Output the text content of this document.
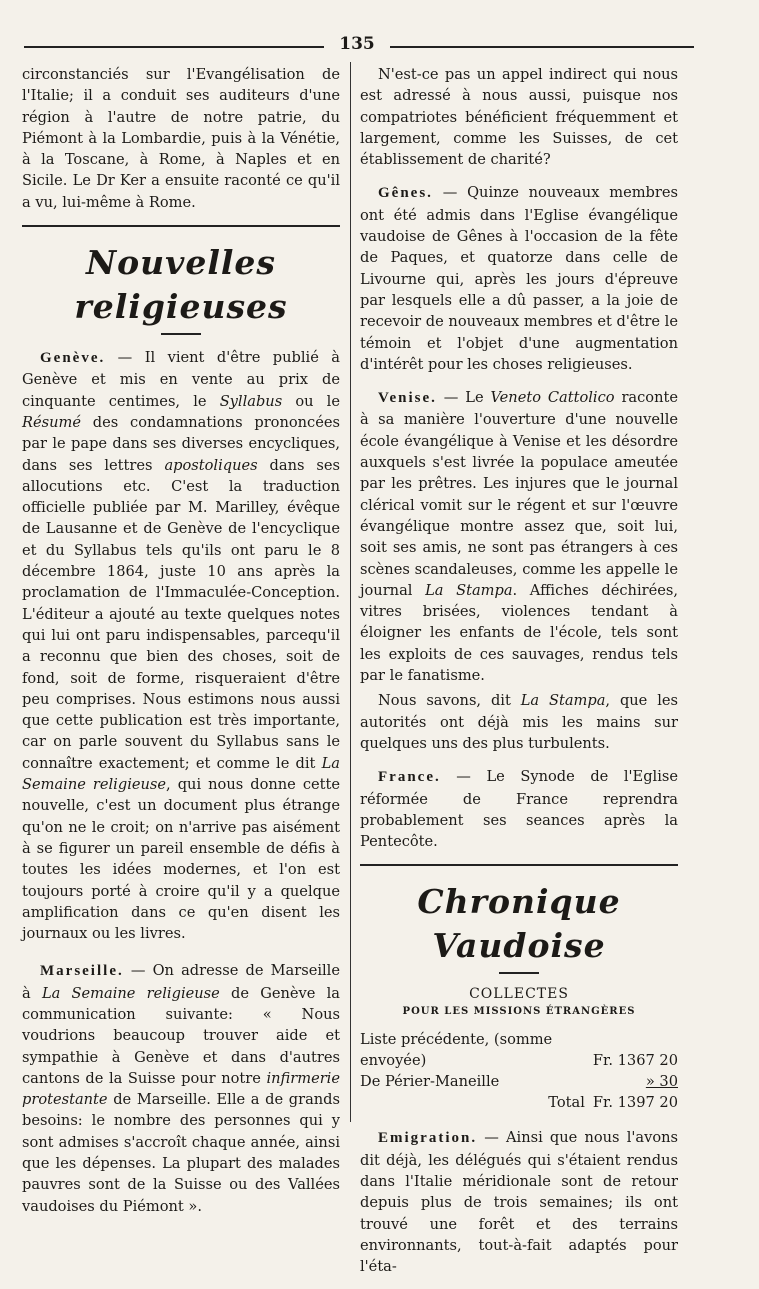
135

circonstanciés sur l'Evangélisation de l'Italie; il a conduit ses auditeurs d'une région à l'autre de notre patrie, du Piémont à la Lombardie, puis à la Vénétie, à la Toscane, à Rome, à Naples et en Sicile. Le Dr Ker a ensuite raconté ce qu'il a vu, lui-même à Rome.

Nouvelles religieuses

Genève. — Il vient d'être publié à Genève et mis en vente au prix de cinquante centimes, le Syllabus ou le Résumé des condamnations prononcées par le pape dans ses diverses encycliques, dans ses lettres apostoliques dans ses allocutions etc. C'est la traduction officielle publiée par M. Marilley, évêque de Lausanne et de Genève de l'encyclique et du Syllabus tels qu'ils ont paru le 8 décembre 1864, juste 10 ans après la proclamation de l'Immaculée-Conception. L'éditeur a ajouté au texte quelques notes qui lui ont paru indispensables, parcequ'il a reconnu que bien des choses, soit de fond, soit de forme, risqueraient d'être peu comprises. Nous estimons nous aussi que cette publication est très importante, car on parle souvent du Syllabus sans le connaître exactement; et comme le dit La Semaine religieuse, qui nous donne cette nouvelle, c'est un document plus étrange qu'on ne le croit; on n'arrive pas aisément à se figurer un pareil ensemble de défis à toutes les idées modernes, et l'on est toujours porté à croire qu'il y a quelque amplification dans ce qu'en disent les journaux ou les livres.

Marseille. — On adresse de Marseille à La Semaine religieuse de Genève la communication suivante: « Nous voudrions beaucoup trouver aide et sympathie à Genève et dans d'autres cantons de la Suisse pour notre infirmerie protestante de Marseille. Elle a de grands besoins: le nombre des personnes qui y sont admises s'accroît chaque année, ainsi que les dépenses. La plupart des malades pauvres sont de la Suisse ou des Vallées vaudoises du Piémont ».

N'est-ce pas un appel indirect qui nous est adressé à nous aussi, puisque nos compatriotes bénéficient fréquemment et largement, comme les Suisses, de cet établissement de charité?

Gênes. — Quinze nouveaux membres ont été admis dans l'Eglise évangélique vaudoise de Gênes à l'occasion de la fête de Paques, et quatorze dans celle de Livourne qui, après les jours d'épreuve par lesquels elle a dû passer, a la joie de recevoir de nouveaux membres et d'être le témoin et l'objet d'une augmentation d'intérêt pour les choses religieuses.

Venise. — Le Veneto Cattolico raconte à sa manière l'ouverture d'une nouvelle école évangélique à Venise et les désordre auxquels s'est livrée la populace ameutée par les prêtres. Les injures que le journal clérical vomit sur le régent et sur l'œuvre évangélique montre assez que, soit lui, soit ses amis, ne sont pas étrangers à ces scènes scandaleuses, comme les appelle le journal La Stampa. Affiches déchirées, vitres brisées, violences tendant à éloigner les enfants de l'école, tels sont les exploits de ces sauvages, rendus tels par le fanatisme.

Nous savons, dit La Stampa, que les autorités ont déjà mis les mains sur quelques uns des plus turbulents.

France. — Le Synode de l'Eglise réformée de France reprendra probablement ses seances après la Pentecôte.

Chronique Vaudoise
COLLECTES
POUR LES MISSIONS ÉTRANGÈRES
Liste précédente, (somme envoyée)	Fr. 1367 20
De Périer-Maneille	» 30
Total Fr. 1397 20

Emigration. — Ainsi que nous l'avons dit déjà, les délégués qui s'étaient rendus dans l'Italie méridionale sont de retour depuis plus de trois semaines; ils ont trouvé une forêt et des terrains environnants, tout-à-fait adaptés pour l'éta-
